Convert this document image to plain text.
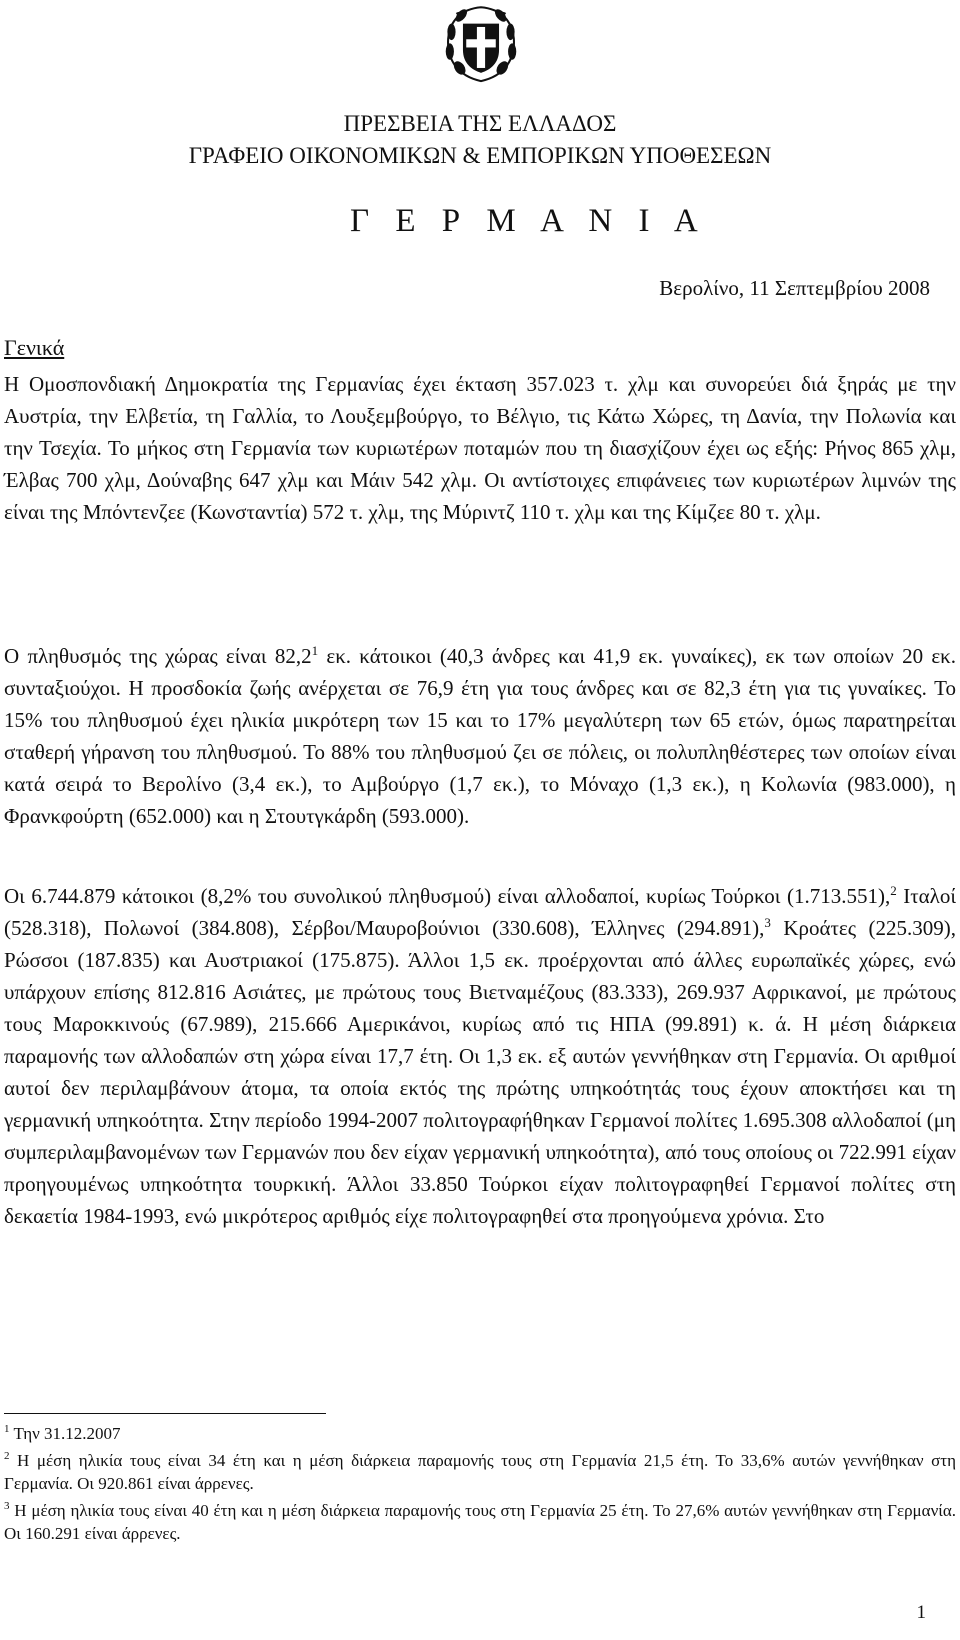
ΠΡΕΣΒΕΙΑ ΤΗΣ ΕΛΛΑΔΟΣ
ΓΡΑΦΕΙΟ ΟΙΚΟΝΟΜΙΚΩΝ & ΕΜΠΟΡΙΚΩΝ ΥΠΟΘΕΣΕΩΝ
Γ Ε Ρ Μ Α Ν Ι Α
Βερολίνο, 11 Σεπτεμβρίου 2008
Γενικά

Η Ομοσπονδιακή Δημοκρατία της Γερμανίας έχει έκταση 357.023 τ. χλμ και συνορεύει διά ξηράς με την Αυστρία, την Ελβετία, τη Γαλλία, το Λουξεμβούργο, το Βέλγιο, τις Κάτω Χώρες, τη Δανία, την Πολωνία και την Τσεχία. Το μήκος στη Γερμανία των κυριωτέρων ποταμών που τη διασχίζουν έχει ως εξής: Ρήνος 865 χλμ, Έλβας 700 χλμ, Δούναβης 647 χλμ και Μάιν 542 χλμ. Οι αντίστοιχες επιφάνειες των κυριωτέρων λιμνών της είναι της Μπόντενζεε (Κωνσταντία) 572 τ. χλμ, της Μύριντζ 110 τ. χλμ και της Κίμζεε 80 τ. χλμ.

Ο πληθυσμός της χώρας είναι 82,2$^1$ εκ. κάτοικοι (40,3 άνδρες και 41,9 εκ. γυναίκες), εκ των οποίων 20 εκ. συνταξιούχοι. Η προσδοκία ζωής ανέρχεται σε 76,9 έτη για τους άνδρες και σε 82,3 έτη για τις γυναίκες. Το 15% του πληθυσμού έχει ηλικία μικρότερη των 15 και το 17% μεγαλύτερη των 65 ετών, όμως παρατηρείται σταθερή γήρανση του πληθυσμού. Το 88% του πληθυσμού ζει σε πόλεις, οι πολυπληθέστερες των οποίων είναι κατά σειρά το Βερολίνο (3,4 εκ.), το Αμβούργο (1,7 εκ.), το Μόναχο (1,3 εκ.), η Κολωνία (983.000), η Φρανκφούρτη (652.000) και η Στουτγκάρδη (593.000).

Οι 6.744.879 κάτοικοι (8,2% του συνολικού πληθυσμού) είναι αλλοδαποί, κυρίως Τούρκοι (1.713.551),$^2$ Ιταλοί (528.318), Πολωνοί (384.808), Σέρβοι/Μαυροβούνιοι (330.608), Έλληνες (294.891),$^3$ Κροάτες (225.309), Ρώσσοι (187.835) και Αυστριακοί (175.875). Άλλοι 1,5 εκ. προέρχονται από άλλες ευρωπαϊκές χώρες, ενώ υπάρχουν επίσης 812.816 Ασιάτες, με πρώτους τους Βιετναμέζους (83.333), 269.937 Αφρικανοί, με πρώτους τους Μαροκκινούς (67.989), 215.666 Αμερικάνοι, κυρίως από τις ΗΠΑ (99.891) κ. ά. Η μέση διάρκεια παραμονής των αλλοδαπών στη χώρα είναι 17,7 έτη. Οι 1,3 εκ. εξ αυτών γεννήθηκαν στη Γερμανία. Οι αριθμοί αυτοί δεν περιλαμβάνουν άτομα, τα οποία εκτός της πρώτης υπηκοότητάς τους έχουν αποκτήσει και τη γερμανική υπηκοότητα. Στην περίοδο 1994-2007 πολιτογραφήθηκαν Γερμανοί πολίτες 1.695.308 αλλοδαποί (μη συμπεριλαμβανομένων των Γερμανών που δεν είχαν γερμανική υπηκοότητα), από τους οποίους οι 722.991 είχαν προηγουμένως υπηκοότητα τουρκική. Άλλοι 33.850 Τούρκοι είχαν πολιτογραφηθεί Γερμανοί πολίτες στη δεκαετία 1984-1993, ενώ μικρότερος αριθμός είχε πολιτογραφηθεί στα προηγούμενα χρόνια. Στο

$^1$ Την 31.12.2007

$^2$ Η μέση ηλικία τους είναι 34 έτη και η μέση διάρκεια παραμονής τους στη Γερμανία 21,5 έτη. Το 33,6% αυτών γεννήθηκαν στη Γερμανία. Οι 920.861 είναι άρρενες.

$^3$ Η μέση ηλικία τους είναι 40 έτη και η μέση διάρκεια παραμονής τους στη Γερμανία 25 έτη. Το 27,6% αυτών γεννήθηκαν στη Γερμανία. Οι 160.291 είναι άρρενες.

1
